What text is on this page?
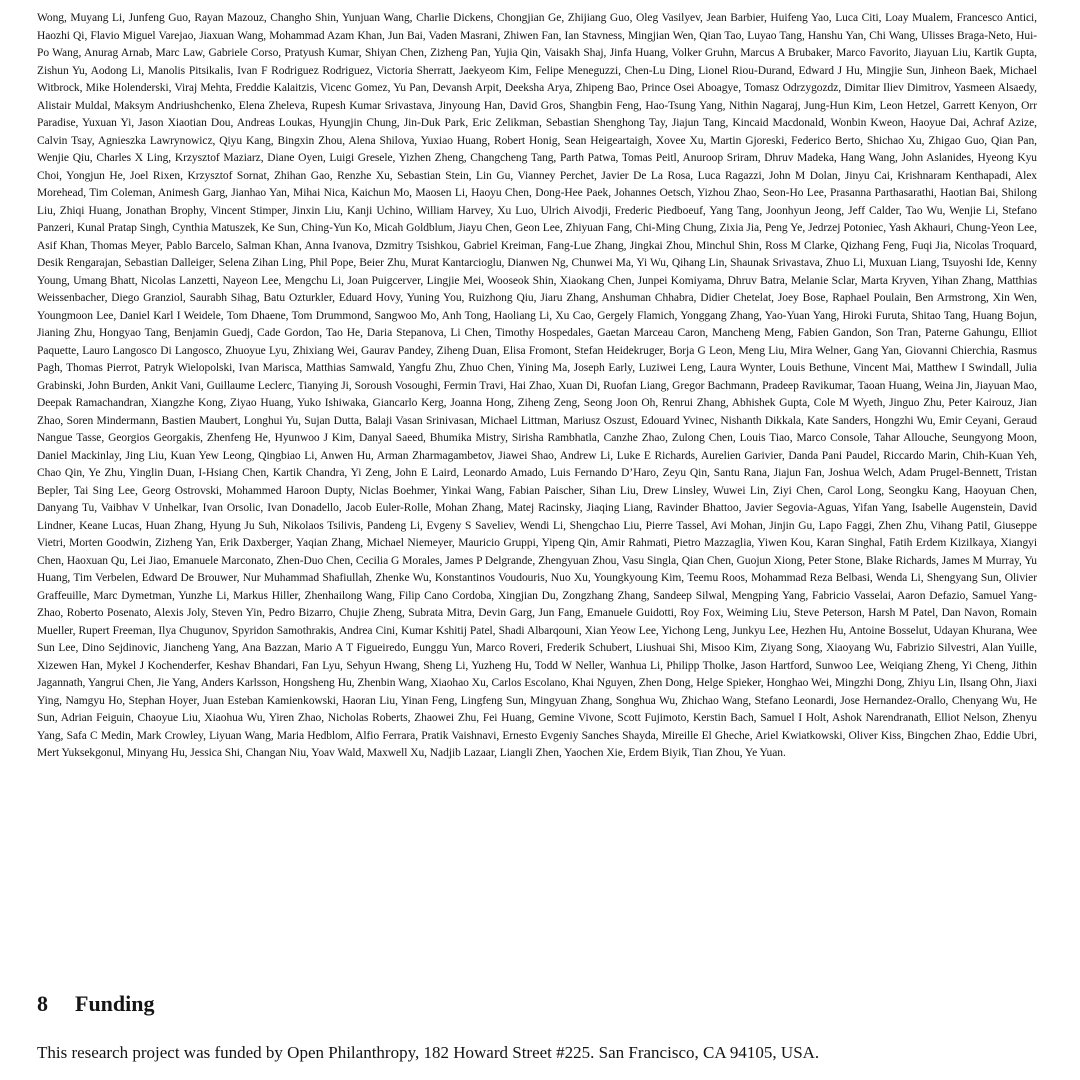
Wong, Muyang Li, Junfeng Guo, Rayan Mazouz, Changho Shin, Yunjuan Wang, Charlie Dickens, Chongjian Ge, Zhijiang Guo, Oleg Vasilyev, Jean Barbier, Huifeng Yao, Luca Citi, Loay Mualem, Francesco Antici, Haozhi Qi, Flavio Miguel Varejao, Jiaxuan Wang, Mohammad Azam Khan, Jun Bai, Vaden Masrani, Zhiwen Fan, Ian Stavness, Mingjian Wen, Qian Tao, Luyao Tang, Hanshu Yan, Chi Wang, Ulisses Braga-Neto, Hui-Po Wang, Anurag Arnab, Marc Law, Gabriele Corso, Pratyush Kumar, Shiyan Chen, Zizheng Pan, Yujia Qin, Vaisakh Shaj, Jinfa Huang, Volker Gruhn, Marcus A Brubaker, Marco Favorito, Jiayuan Liu, Kartik Gupta, Zishun Yu, Aodong Li, Manolis Pitsikalis, Ivan F Rodriguez Rodriguez, Victoria Sherratt, Jaekyeom Kim, Felipe Meneguzzi, Chen-Lu Ding, Lionel Riou-Durand, Edward J Hu, Mingjie Sun, Jinheon Baek, Michael Witbrock, Mike Holenderski, Viraj Mehta, Freddie Kalaitzis, Vicenc Gomez, Yu Pan, Devansh Arpit, Deeksha Arya, Zhipeng Bao, Prince Osei Aboagye, Tomasz Odrzygozdz, Dimitar Iliev Dimitrov, Yasmeen Alsaedy, Alistair Muldal, Maksym Andriushchenko, Elena Zheleva, Rupesh Kumar Srivastava, Jinyoung Han, David Gros, Shangbin Feng, Hao-Tsung Yang, Nithin Nagaraj, Jung-Hun Kim, Leon Hetzel, Garrett Kenyon, Orr Paradise, Yuxuan Yi, Jason Xiaotian Dou, Andreas Loukas, Hyungjin Chung, Jin-Duk Park, Eric Zelikman, Sebastian Shenghong Tay, Jiajun Tang, Kincaid Macdonald, Wonbin Kweon, Haoyue Dai, Achraf Azize, Calvin Tsay, Agnieszka Lawrynowicz, Qiyu Kang, Bingxin Zhou, Alena Shilova, Yuxiao Huang, Robert Honig, Sean Heigeartaigh, Xovee Xu, Martin Gjoreski, Federico Berto, Shichao Xu, Zhigao Guo, Qian Pan, Wenjie Qiu, Charles X Ling, Krzysztof Maziarz, Diane Oyen, Luigi Gresele, Yizhen Zheng, Changcheng Tang, Parth Patwa, Tomas Peitl, Anuroop Sriram, Dhruv Madeka, Hang Wang, John Aslanides, Hyeong Kyu Choi, Yongjun He, Joel Rixen, Krzysztof Sornat, Zhihan Gao, Renzhe Xu, Sebastian Stein, Lin Gu, Vianney Perchet, Javier De La Rosa, Luca Ragazzi, John M Dolan, Jinyu Cai, Krishnaram Kenthapadi, Alex Morehead, Tim Coleman, Animesh Garg, Jianhao Yan, Mihai Nica, Kaichun Mo, Maosen Li, Haoyu Chen, Dong-Hee Paek, Johannes Oetsch, Yizhou Zhao, Seon-Ho Lee, Prasanna Parthasarathi, Haotian Bai, Shilong Liu, Zhiqi Huang, Jonathan Brophy, Vincent Stimper, Jinxin Liu, Kanji Uchino, William Harvey, Xu Luo, Ulrich Aivodji, Frederic Piedboeuf, Yang Tang, Joonhyun Jeong, Jeff Calder, Tao Wu, Wenjie Li, Stefano Panzeri, Kunal Pratap Singh, Cynthia Matuszek, Ke Sun, Ching-Yun Ko, Micah Goldblum, Jiayu Chen, Geon Lee, Zhiyuan Fang, Chi-Ming Chung, Zixia Jia, Peng Ye, Jedrzej Potoniec, Yash Akhauri, Chung-Yeon Lee, Asif Khan, Thomas Meyer, Pablo Barcelo, Salman Khan, Anna Ivanova, Dzmitry Tsishkou, Gabriel Kreiman, Fang-Lue Zhang, Jingkai Zhou, Minchul Shin, Ross M Clarke, Qizhang Feng, Fuqi Jia, Nicolas Troquard, Desik Rengarajan, Sebastian Dalleiger, Selena Zihan Ling, Phil Pope, Beier Zhu, Murat Kantarcioglu, Dianwen Ng, Chunwei Ma, Yi Wu, Qihang Lin, Shaunak Srivastava, Zhuo Li, Muxuan Liang, Tsuyoshi Ide, Kenny Young, Umang Bhatt, Nicolas Lanzetti, Nayeon Lee, Mengchu Li, Joan Puigcerver, Lingjie Mei, Wooseok Shin, Xiaokang Chen, Junpei Komiyama, Dhruv Batra, Melanie Sclar, Marta Kryven, Yihan Zhang, Matthias Weissenbacher, Diego Granziol, Saurabh Sihag, Batu Ozturkler, Eduard Hovy, Yuning You, Ruizhong Qiu, Jiaru Zhang, Anshuman Chhabra, Didier Chetelat, Joey Bose, Raphael Poulain, Ben Armstrong, Xin Wen, Youngmoon Lee, Daniel Karl I Weidele, Tom Dhaene, Tom Drummond, Sangwoo Mo, Anh Tong, Haoliang Li, Xu Cao, Gergely Flamich, Yonggang Zhang, Yao-Yuan Yang, Hiroki Furuta, Shitao Tang, Huang Bojun, Jianing Zhu, Hongyao Tang, Benjamin Guedj, Cade Gordon, Tao He, Daria Stepanova, Li Chen, Timothy Hospedales, Gaetan Marceau Caron, Mancheng Meng, Fabien Gandon, Son Tran, Paterne Gahungu, Elliot Paquette, Lauro Langosco Di Langosco, Zhuoyue Lyu, Zhixiang Wei, Gaurav Pandey, Ziheng Duan, Elisa Fromont, Stefan Heidekruger, Borja G Leon, Meng Liu, Mira Welner, Gang Yan, Giovanni Chierchia, Rasmus Pagh, Thomas Pierrot, Patryk Wielopolski, Ivan Marisca, Matthias Samwald, Yangfu Zhu, Zhuo Chen, Yining Ma, Joseph Early, Luziwei Leng, Laura Wynter, Louis Bethune, Vincent Mai, Matthew I Swindall, Julia Grabinski, John Burden, Ankit Vani, Guillaume Leclerc, Tianying Ji, Soroush Vosoughi, Fermin Travi, Hai Zhao, Xuan Di, Ruofan Liang, Gregor Bachmann, Pradeep Ravikumar, Taoan Huang, Weina Jin, Jiayuan Mao, Deepak Ramachandran, Xiangzhe Kong, Ziyao Huang, Yuko Ishiwaka, Giancarlo Kerg, Joanna Hong, Ziheng Zeng, Seong Joon Oh, Renrui Zhang, Abhishek Gupta, Cole M Wyeth, Jinguo Zhu, Peter Kairouz, Jian Zhao, Soren Mindermann, Bastien Maubert, Longhui Yu, Sujan Dutta, Balaji Vasan Srinivasan, Michael Littman, Mariusz Oszust, Edouard Yvinec, Nishanth Dikkala, Kate Sanders, Hongzhi Wu, Emir Ceyani, Geraud Nangue Tasse, Georgios Georgakis, Zhenfeng He, Hyunwoo J Kim, Danyal Saeed, Bhumika Mistry, Sirisha Rambhatla, Canzhe Zhao, Zulong Chen, Louis Tiao, Marco Console, Tahar Allouche, Seungyong Moon, Daniel Mackinlay, Jing Liu, Kuan Yew Leong, Qingbiao Li, Anwen Hu, Arman Zharmagambetov, Jiawei Shao, Andrew Li, Luke E Richards, Aurelien Garivier, Danda Pani Paudel, Riccardo Marin, Chih-Kuan Yeh, Chao Qin, Ye Zhu, Yinglin Duan, I-Hsiang Chen, Kartik Chandra, Yi Zeng, John E Laird, Leonardo Amado, Luis Fernando D’Haro, Zeyu Qin, Santu Rana, Jiajun Fan, Joshua Welch, Adam Prugel-Bennett, Tristan Bepler, Tai Sing Lee, Georg Ostrovski, Mohammed Haroon Dupty, Niclas Boehmer, Yinkai Wang, Fabian Paischer, Sihan Liu, Drew Linsley, Wuwei Lin, Ziyi Chen, Carol Long, Seongku Kang, Haoyuan Chen, Danyang Tu, Vaibhav V Unhelkar, Ivan Orsolic, Ivan Donadello, Jacob Euler-Rolle, Mohan Zhang, Matej Racinsky, Jiaqing Liang, Ravinder Bhattoo, Javier Segovia-Aguas, Yifan Yang, Isabelle Augenstein, David Lindner, Keane Lucas, Huan Zhang, Hyung Ju Suh, Nikolaos Tsilivis, Pandeng Li, Evgeny S Saveliev, Wendi Li, Shengchao Liu, Pierre Tassel, Avi Mohan, Jinjin Gu, Lapo Faggi, Zhen Zhu, Vihang Patil, Giuseppe Vietri, Morten Goodwin, Zizheng Yan, Erik Daxberger, Yaqian Zhang, Michael Niemeyer, Mauricio Gruppi, Yipeng Qin, Amir Rahmati, Pietro Mazzaglia, Yiwen Kou, Karan Singhal, Fatih Erdem Kizilkaya, Xiangyi Chen, Haoxuan Qu, Lei Jiao, Emanuele Marconato, Zhen-Duo Chen, Cecilia G Morales, James P Delgrande, Zhengyuan Zhou, Vasu Singla, Qian Chen, Guojun Xiong, Peter Stone, Blake Richards, James M Murray, Yu Huang, Tim Verbelen, Edward De Brouwer, Nur Muhammad Shafiullah, Zhenke Wu, Konstantinos Voudouris, Nuo Xu, Youngkyoung Kim, Teemu Roos, Mohammad Reza Belbasi, Wenda Li, Shengyang Sun, Olivier Graffeuille, Marc Dymetman, Yunzhe Li, Markus Hiller, Zhenhailong Wang, Filip Cano Cordoba, Xingjian Du, Zongzhang Zhang, Sandeep Silwal, Mengping Yang, Fabricio Vasselai, Aaron Defazio, Samuel Yang-Zhao, Roberto Posenato, Alexis Joly, Steven Yin, Pedro Bizarro, Chujie Zheng, Subrata Mitra, Devin Garg, Jun Fang, Emanuele Guidotti, Roy Fox, Weiming Liu, Steve Peterson, Harsh M Patel, Dan Navon, Romain Mueller, Rupert Freeman, Ilya Chugunov, Spyridon Samothrakis, Andrea Cini, Kumar Kshitij Patel, Shadi Albarqouni, Xian Yeow Lee, Yichong Leng, Junkyu Lee, Hezhen Hu, Antoine Bosselut, Udayan Khurana, Wee Sun Lee, Dino Sejdinovic, Jiancheng Yang, Ana Bazzan, Mario A T Figueiredo, Eunggu Yun, Marco Roveri, Frederik Schubert, Liushuai Shi, Misoo Kim, Ziyang Song, Xiaoyang Wu, Fabrizio Silvestri, Alan Yuille, Xizewen Han, Mykel J Kochenderfer, Keshav Bhandari, Fan Lyu, Sehyun Hwang, Sheng Li, Yuzheng Hu, Todd W Neller, Wanhua Li, Philipp Tholke, Jason Hartford, Sunwoo Lee, Weiqiang Zheng, Yi Cheng, Jithin Jagannath, Yangrui Chen, Jie Yang, Anders Karlsson, Hongsheng Hu, Zhenbin Wang, Xiaohao Xu, Carlos Escolano, Khai Nguyen, Zhen Dong, Helge Spieker, Honghao Wei, Mingzhi Dong, Zhiyu Lin, Ilsang Ohn, Jiaxi Ying, Namgyu Ho, Stephan Hoyer, Juan Esteban Kamienkowski, Haoran Liu, Yinan Feng, Lingfeng Sun, Mingyuan Zhang, Songhua Wu, Zhichao Wang, Stefano Leonardi, Jose Hernandez-Orallo, Chenyang Wu, He Sun, Adrian Feiguin, Chaoyue Liu, Xiaohua Wu, Yiren Zhao, Nicholas Roberts, Zhaowei Zhu, Fei Huang, Gemine Vivone, Scott Fujimoto, Kerstin Bach, Samuel I Holt, Ashok Narendranath, Elliot Nelson, Zhenyu Yang, Safa C Medin, Mark Crowley, Liyuan Wang, Maria Hedblom, Alfio Ferrara, Pratik Vaishnavi, Ernesto Evgeniy Sanches Shayda, Mireille El Gheche, Ariel Kwiatkowski, Oliver Kiss, Bingchen Zhao, Eddie Ubri, Mert Yuksekgonul, Minyang Hu, Jessica Shi, Changan Niu, Yoav Wald, Maxwell Xu, Nadjib Lazaar, Liangli Zhen, Yaochen Xie, Erdem Biyik, Tian Zhou, Ye Yuan.

8 Funding

This research project was funded by Open Philanthropy, 182 Howard Street #225. San Francisco, CA 94105, USA.
